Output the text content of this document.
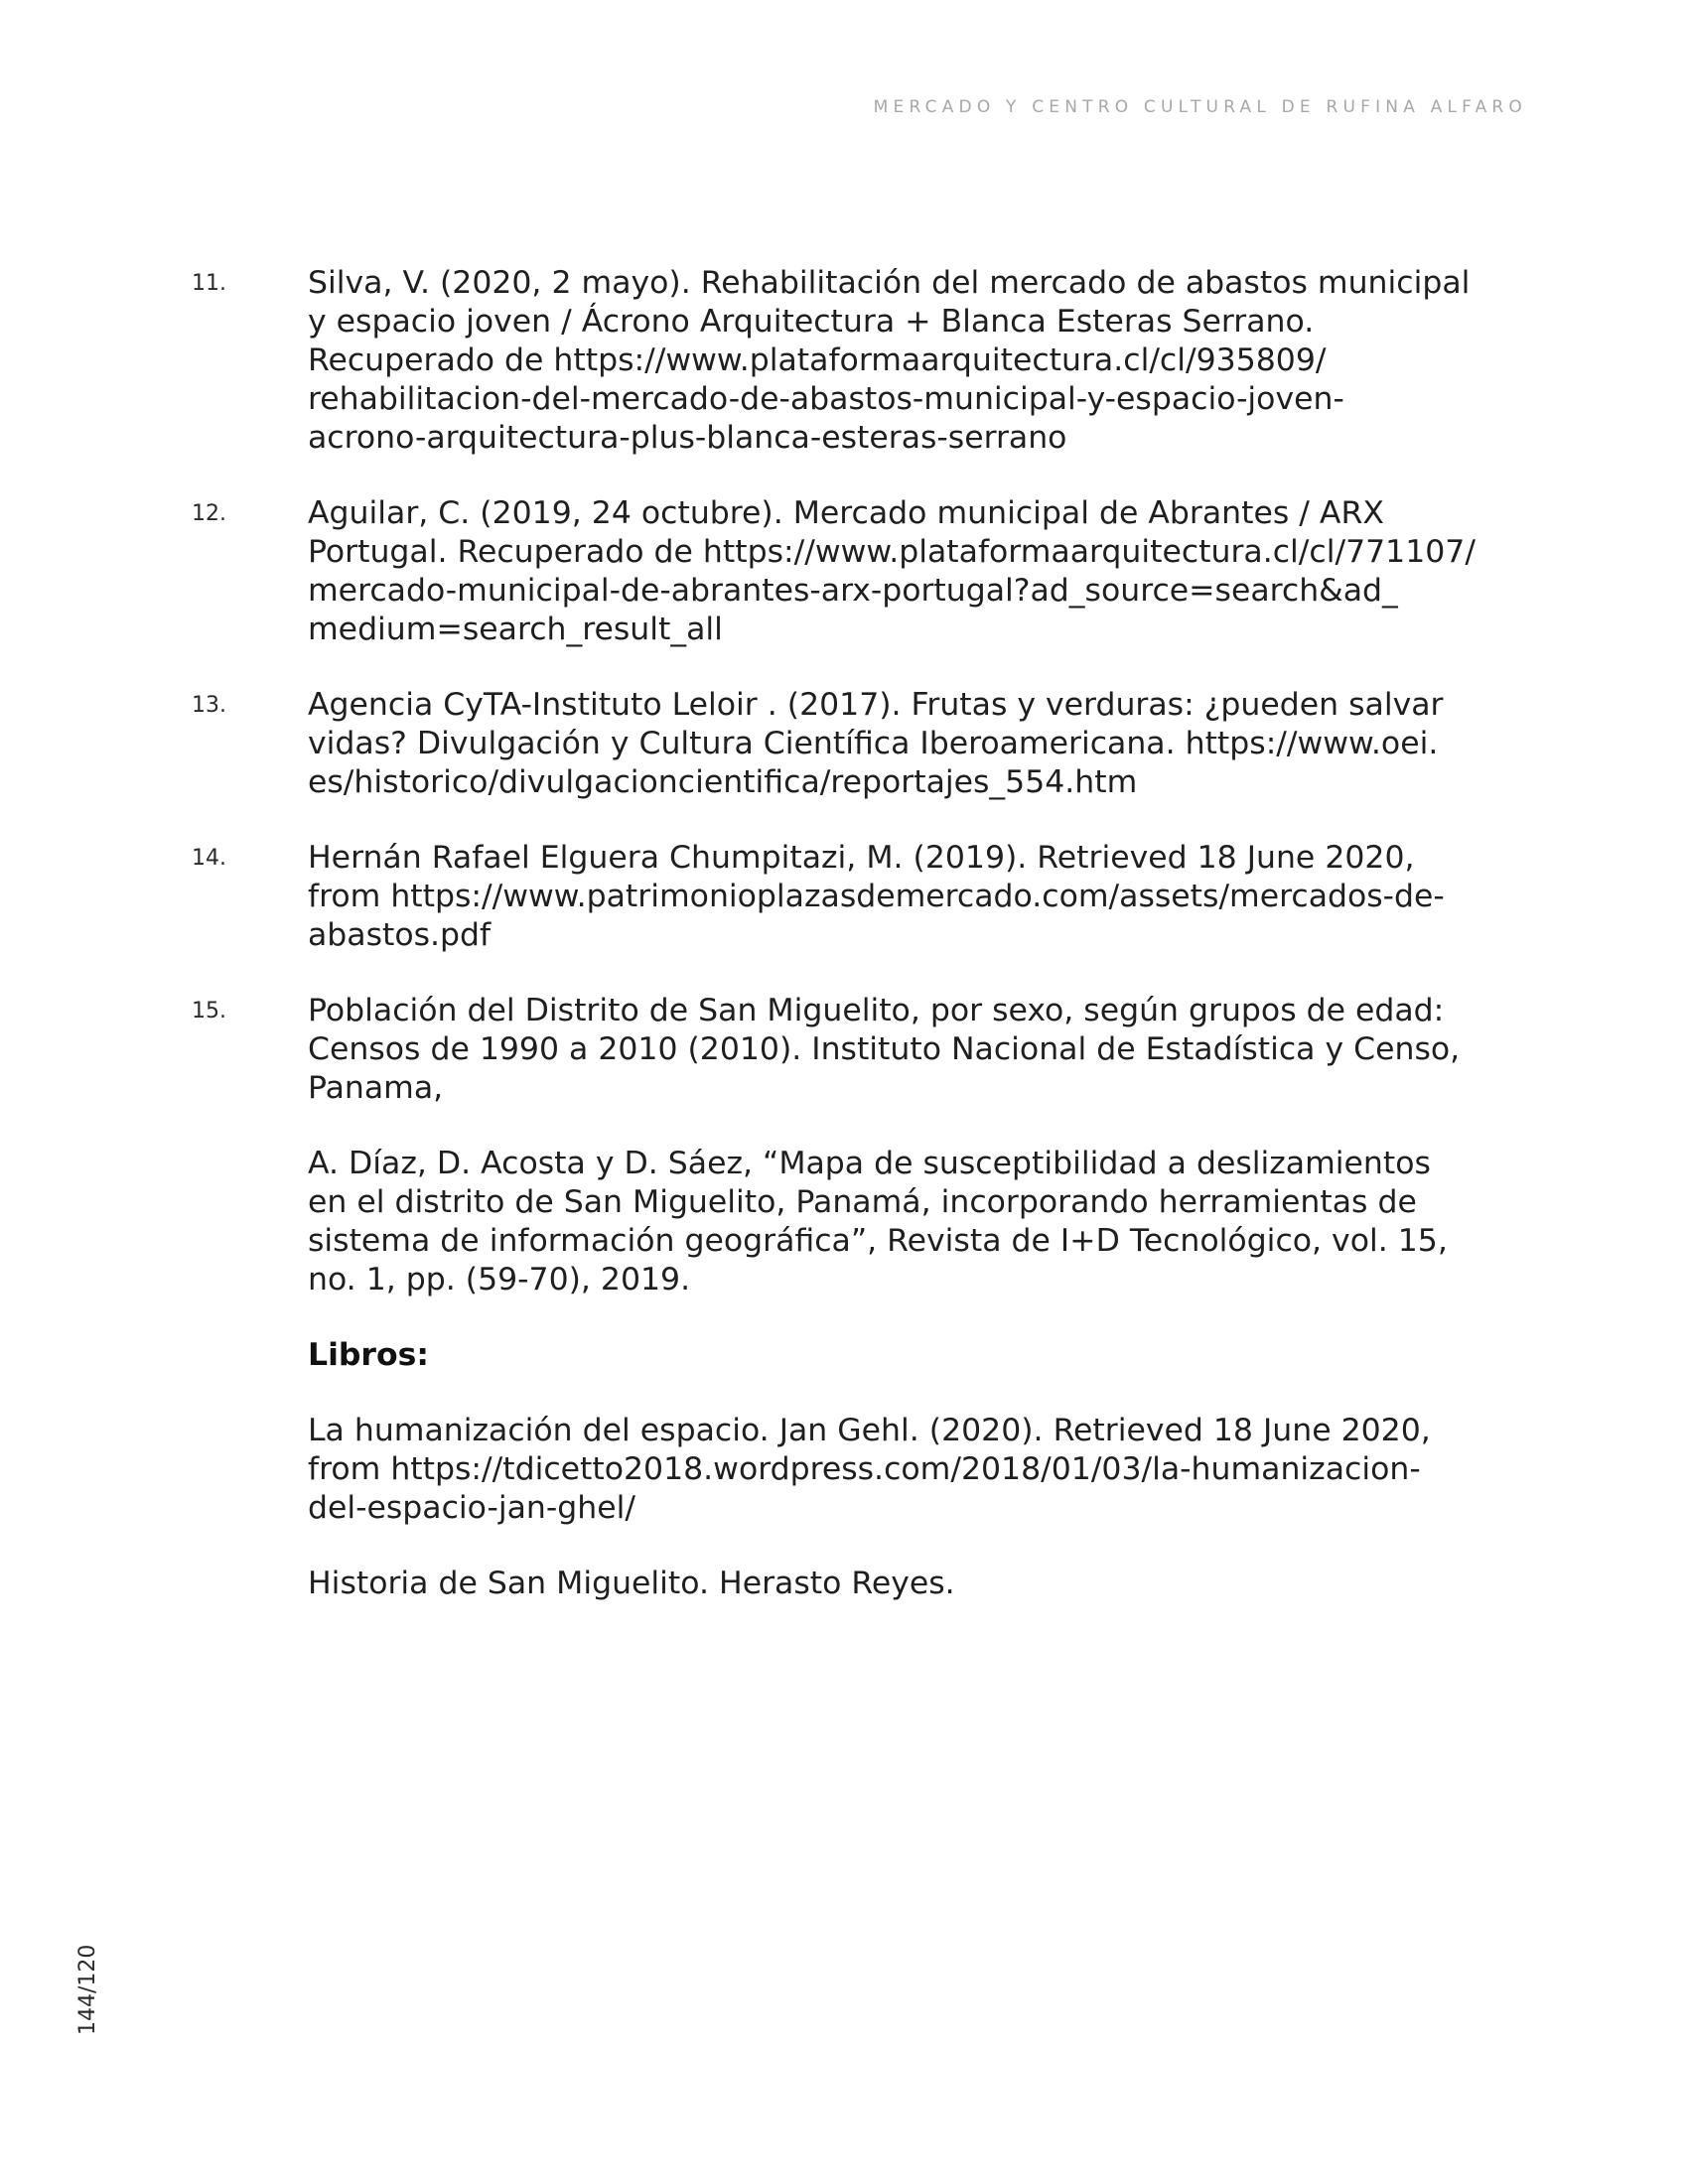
MERCADO Y CENTRO CULTURAL DE RUFINA ALFARO
11.	Silva, V. (2020, 2 mayo). Rehabilitación del mercado de abastos municipal
y espacio joven / Ácrono Arquitectura + Blanca Esteras Serrano.
Recuperado de https://www.plataformaarquitectura.cl/cl/935809/
rehabilitacion-del-mercado-de-abastos-municipal-y-espacio-joven-
acrono-arquitectura-plus-blanca-esteras-serrano
12.	Aguilar, C. (2019, 24 octubre). Mercado municipal de Abrantes / ARX
Portugal. Recuperado de https://www.plataformaarquitectura.cl/cl/771107/
mercado-municipal-de-abrantes-arx-portugal?ad_source=search&ad_
medium=search_result_all
13.	Agencia CyTA-Instituto Leloir . (2017). Frutas y verduras: ¿pueden salvar
vidas? Divulgación y Cultura Científica Iberoamericana. https://www.oei.
es/historico/divulgacioncientifica/reportajes_554.htm
14.	Hernán Rafael Elguera Chumpitazi, M. (2019). Retrieved 18 June 2020,
from https://www.patrimonioplazasdemercado.com/assets/mercados-de-
abastos.pdf
15.	Población del Distrito de San Miguelito, por sexo, según grupos de edad:
Censos de 1990 a 2010 (2010). Instituto Nacional de Estadística y Censo,
Panama,
A. Díaz, D. Acosta y D. Sáez, “Mapa de susceptibilidad a deslizamientos
en el distrito de San Miguelito, Panamá, incorporando herramientas de
sistema de información geográfica”, Revista de I+D Tecnológico, vol. 15,
no. 1, pp. (59-70), 2019.
Libros:
La humanización del espacio. Jan Gehl. (2020). Retrieved 18 June 2020,
from https://tdicetto2018.wordpress.com/2018/01/03/la-humanizacion-
del-espacio-jan-ghel/
Historia de San Miguelito. Herasto Reyes.
144/120
